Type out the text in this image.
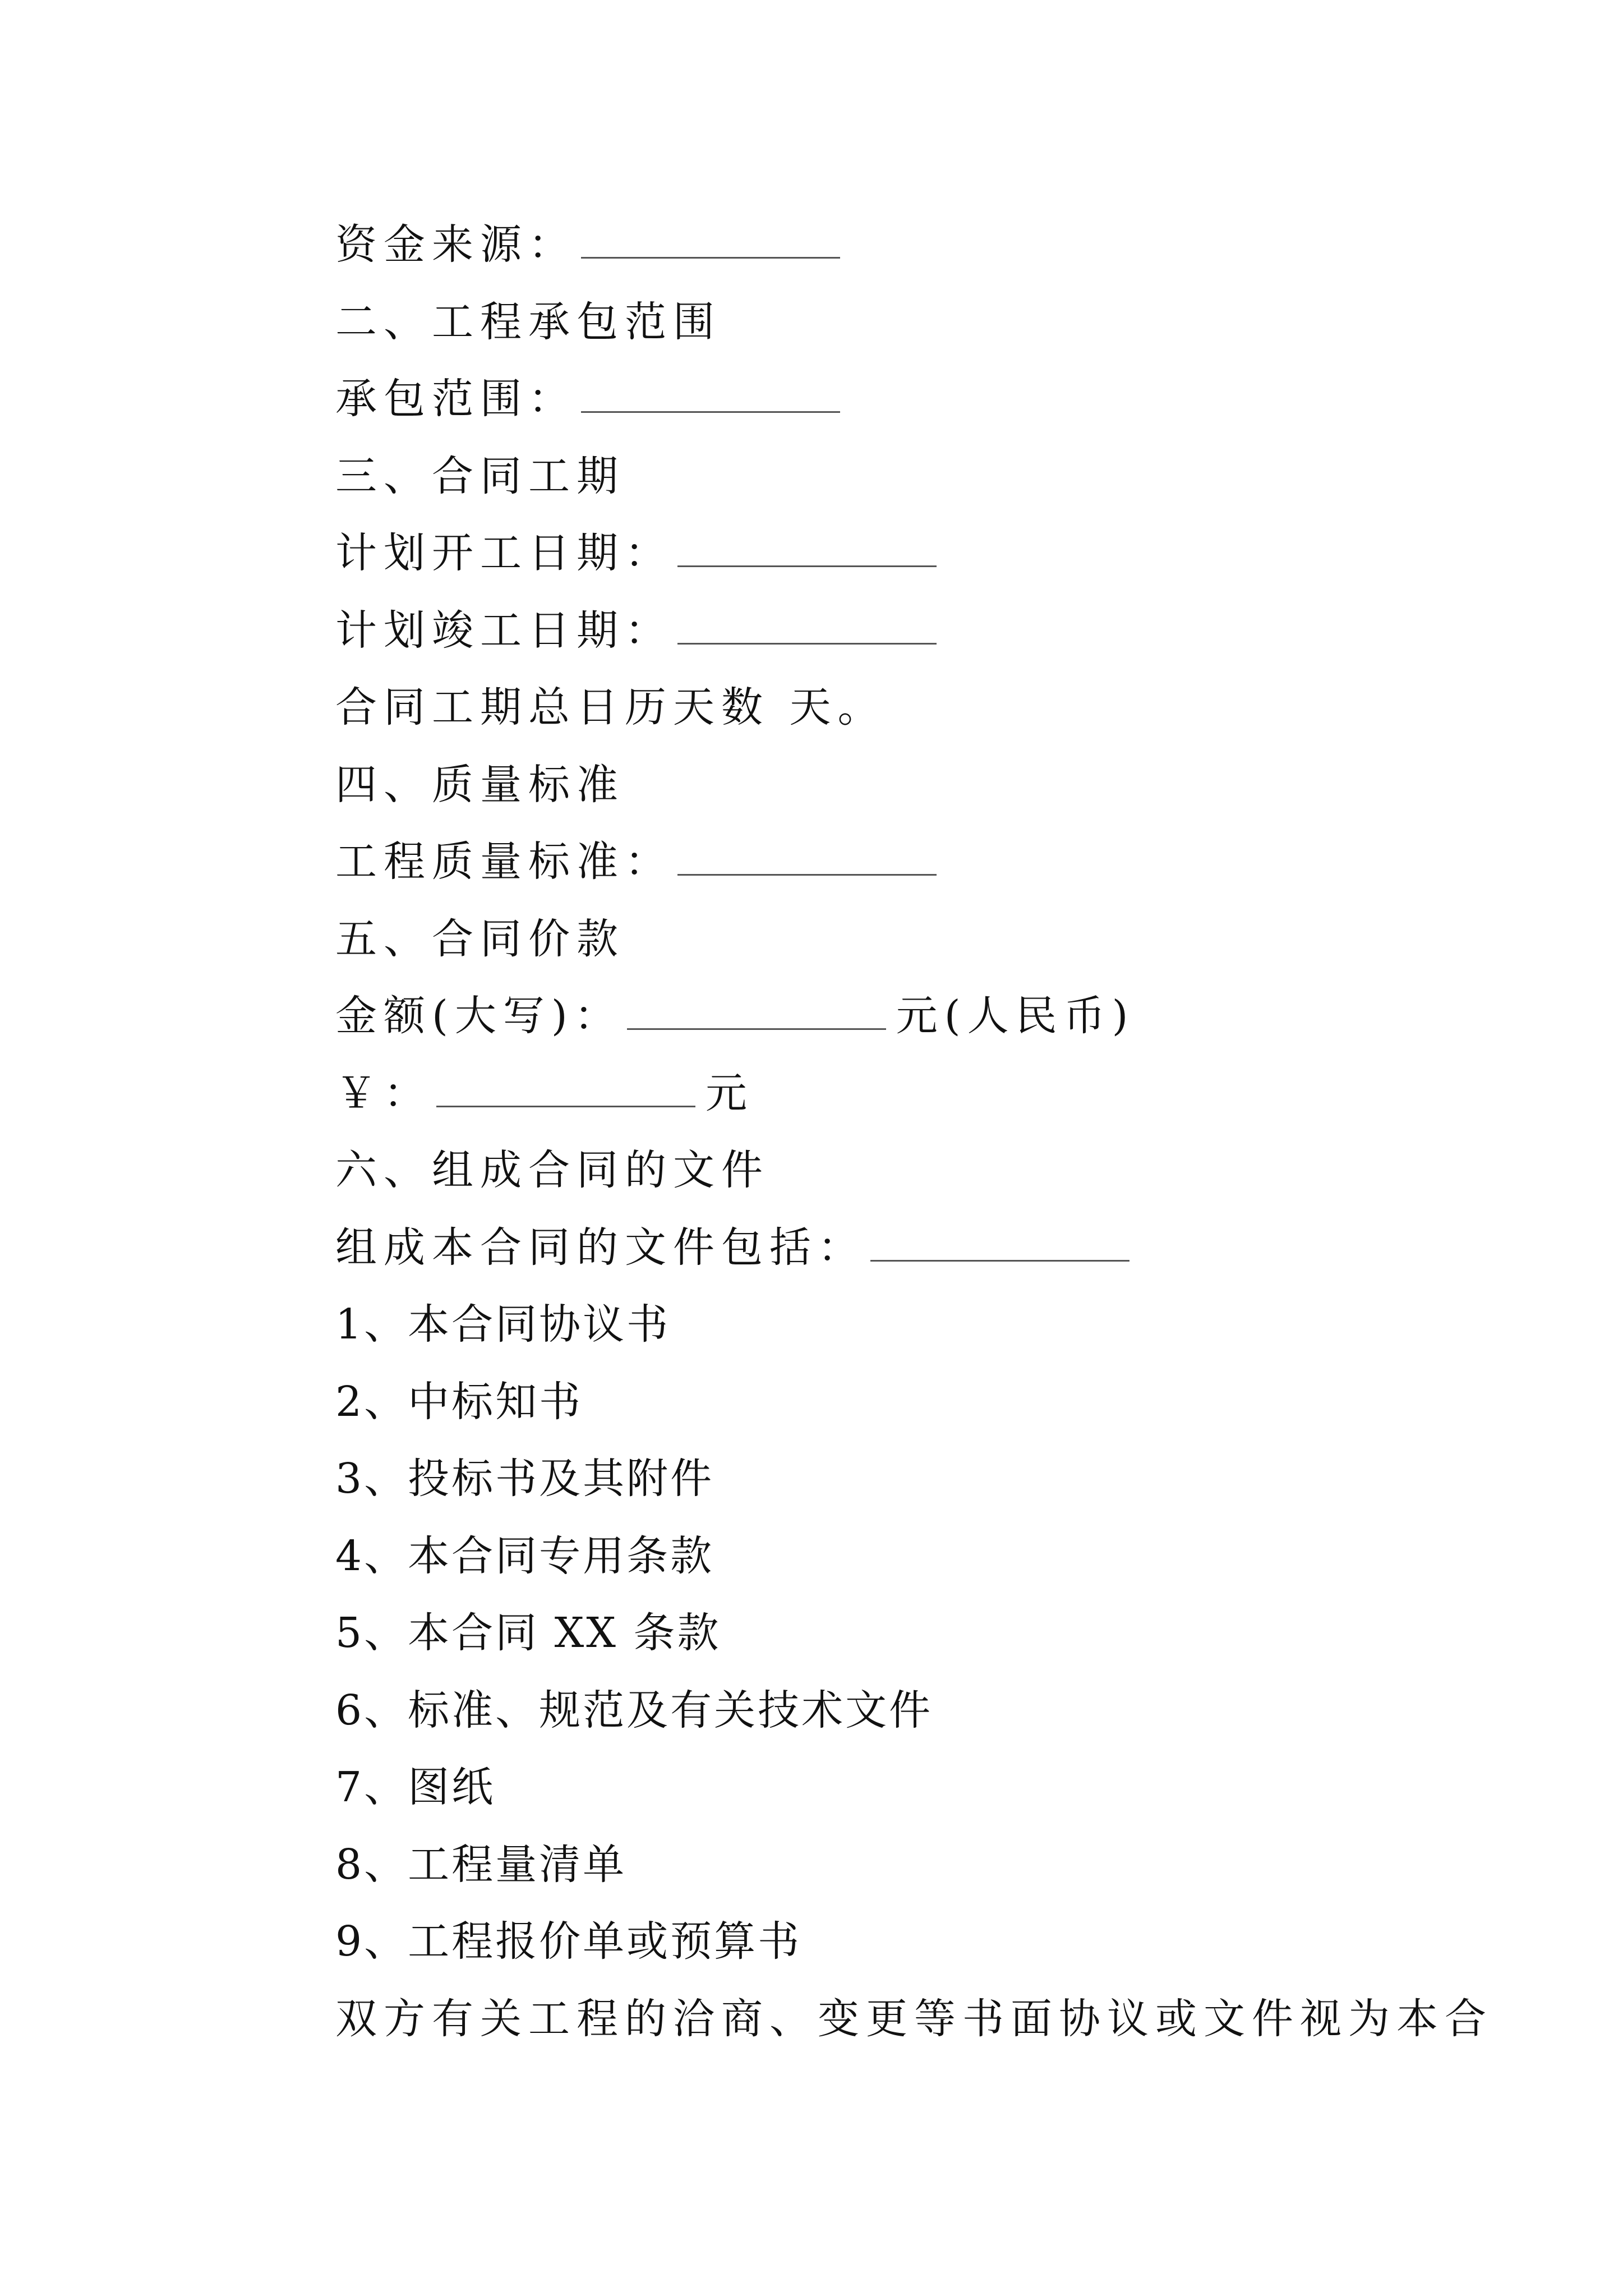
资金来源：
二、工程承包范围
承包范围：
三、合同工期
计划开工日期：
计划竣工日期：
合同工期总日历天数 天。
四、质量标准
工程质量标准：
五、合同价款
金额(大写)：	元(人民币)
￥：	元
六、组成合同的文件
组成本合同的文件包括：
1、本合同协议书
2、中标知书
3、投标书及其附件
4、本合同专用条款
5、本合同 XX 条款
6、标准、规范及有关技术文件
7、图纸
8、工程量清单
9、工程报价单或预算书
双方有关工程的洽商、变更等书面协议或文件视为本合
